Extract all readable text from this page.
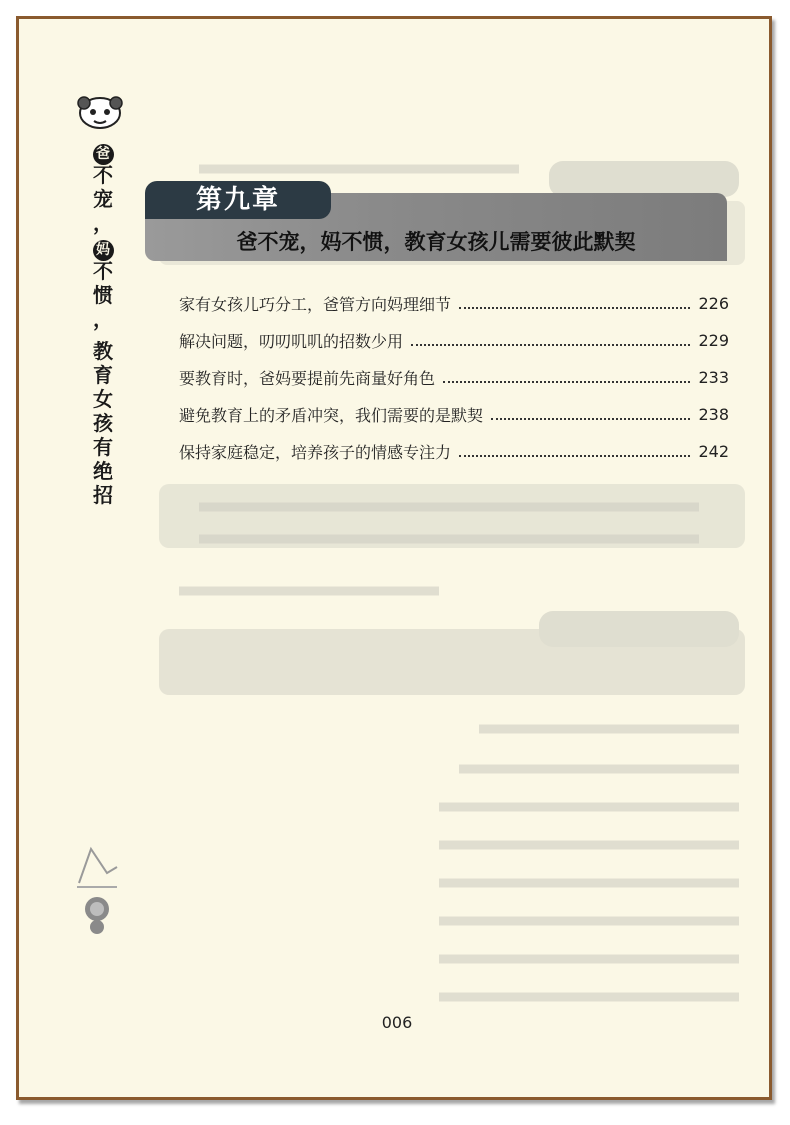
爸
不
宠
，
妈
不
惯
，
教
育
女
孩
有
绝
招
第九章
爸不宠，妈不惯，教育女孩儿需要彼此默契
家有女孩儿巧分工，爸管方向妈理细节	226
解决问题，叨叨叽叽的招数少用	229
要教育时，爸妈要提前先商量好角色	233
避免教育上的矛盾冲突，我们需要的是默契	238
保持家庭稳定，培养孩子的情感专注力	242
006
